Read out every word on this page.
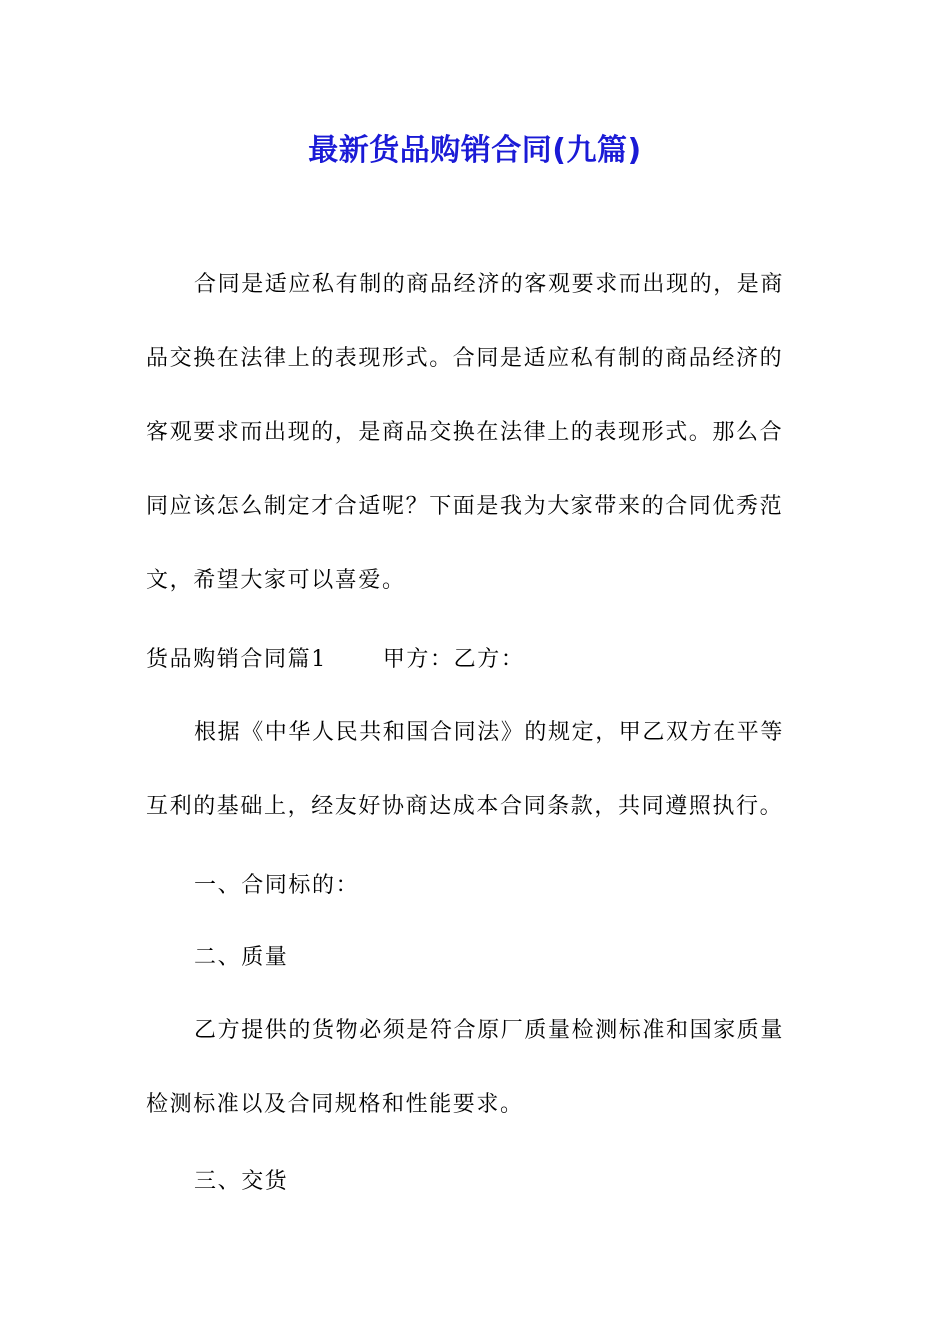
最新货品购销合同(九篇)

合同是适应私有制的商品经济的客观要求而出现的，是商品交换在法律上的表现形式。合同是适应私有制的商品经济的客观要求而出现的，是商品交换在法律上的表现形式。那么合同应该怎么制定才合适呢？下面是我为大家带来的合同优秀范文，希望大家可以喜爱。

货品购销合同篇1	甲方：乙方：

根据《中华人民共和国合同法》的规定，甲乙双方在平等互利的基础上，经友好协商达成本合同条款，共同遵照执行。

一、合同标的：
二、质量

乙方提供的货物必须是符合原厂质量检测标准和国家质量检测标准以及合同规格和性能要求。

三、交货
